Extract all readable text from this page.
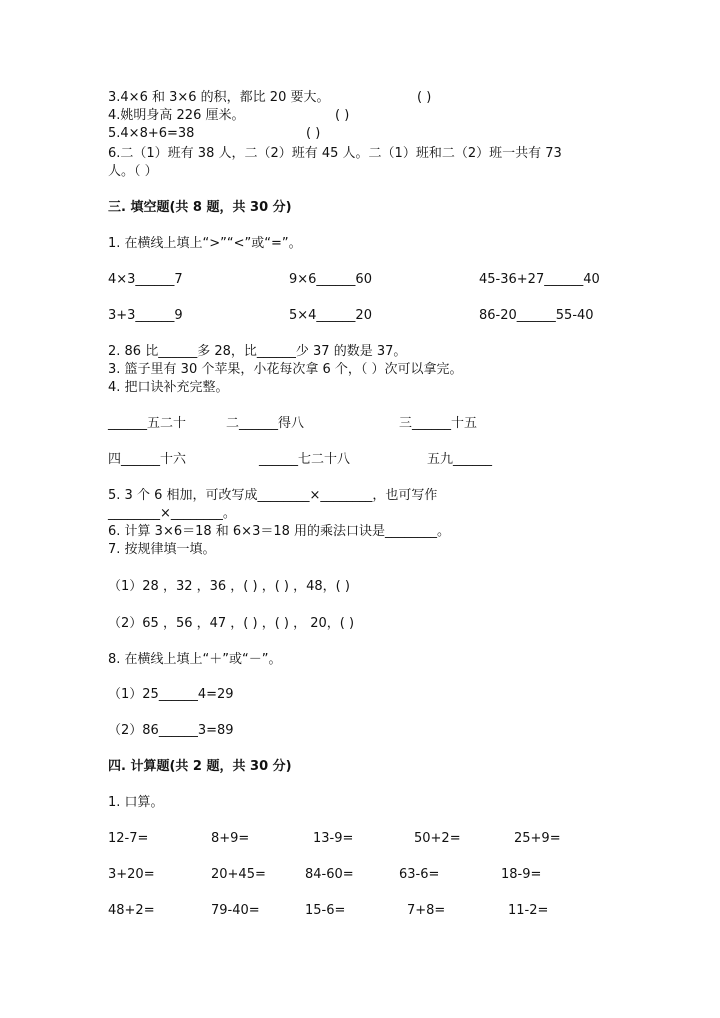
3.4×6 和 3×6 的积，都比 20 要大。	( )
4.姚明身高 226 厘米。	( )
5.4×8+6=38	( )
6.二（1）班有 38 人，二（2）班有 45 人。二（1）班和二（2）班一共有 73
人。（ ）
三. 填空题(共 8 题，共 30 分)
1. 在横线上填上“>”“<”或“=”。
4×3______7	9×6______60	45-36+27______40
3+3______9	5×4______20	86-20______55-40
2. 86 比______多 28，比______少 37 的数是 37。
3. 篮子里有 30 个苹果，小花每次拿 6 个，（ ）次可以拿完。
4. 把口诀补充完整。
______五二十	二______得八	三______十五
四______十六	______七二十八	五九______
5. 3 个 6 相加，可改写成________×________，也可写作
________×________。
6. 计算 3×6＝18 和 6×3＝18 用的乘法口诀是________。
7. 按规律填一填。
（1）28 ，32 ，36 ，( ) ，( ) ，48，( )
（2）65 ，56 ，47 ，( ) ，( ) ， 20，( )
8. 在横线上填上“＋”或“－”。
（1）25______4=29
（2）86______3=89
四. 计算题(共 2 题，共 30 分)
1. 口算。
12-7=	8+9=	13-9=	50+2=	25+9=
3+20=	20+45=	84-60=	63-6=	18-9=
48+2=	79-40=	15-6=	7+8=	11-2=
